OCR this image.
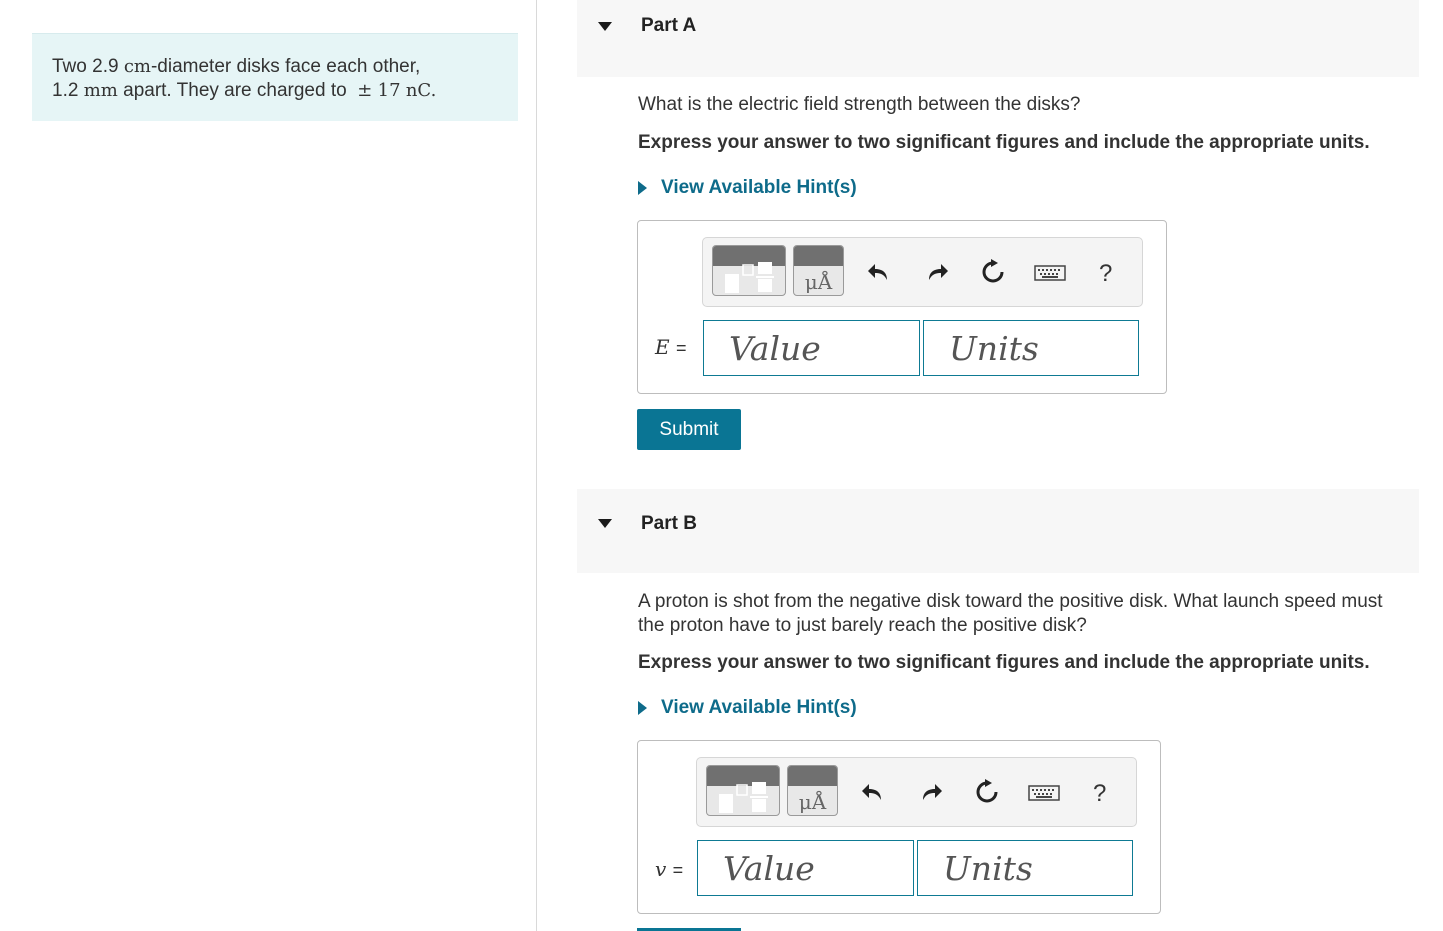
Two 2.9 cm-diameter disks face each other,
1.2 mm apart. They are charged to ± 17 nC.
Part A
What is the electric field strength between the disks?
Express your answer to two significant figures and include the appropriate units.
View Available Hint(s)
μÅ	?
E =
Value
Units
Submit
Part B
A proton is shot from the negative disk toward the positive disk. What launch speed must
the proton have to just barely reach the positive disk?
Express your answer to two significant figures and include the appropriate units.
View Available Hint(s)
μÅ	?
v =
Value
Units
